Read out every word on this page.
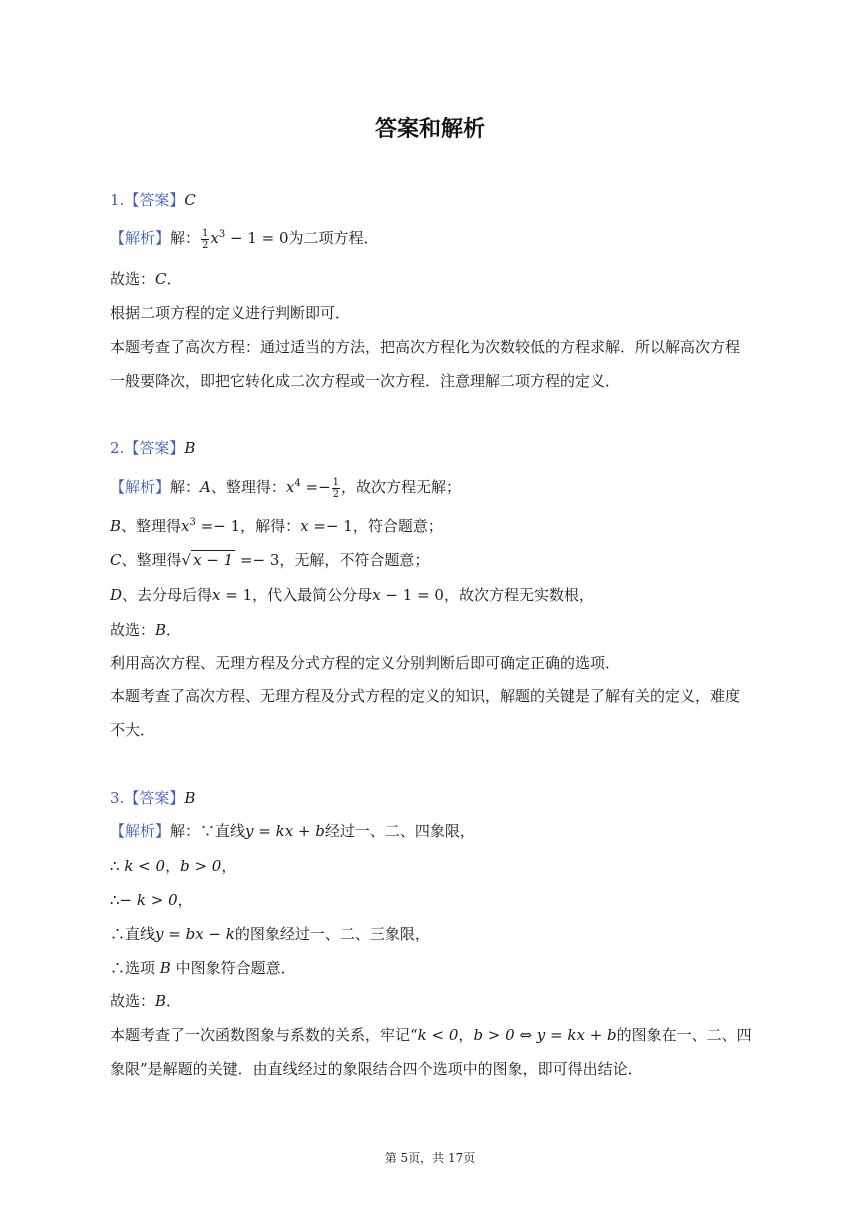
答案和解析
1.【答案】C
【解析】解： $\frac{1}{2} x^3 - 1 = 0$为二项方程．
故选：C．
根据二项方程的定义进行判断即可．
本题考查了高次方程：通过适当的方法，把高次方程化为次数较低的方程求解．所以解高次方程
一般要降次，即把它转化成二次方程或一次方程．注意理解二项方程的定义．
2.【答案】B
【解析】解：A、整理得：$x^4 =- \frac{1}{2}$ ，故次方程无解；
B、整理得$x^3 =- 1$，解得：x =− 1，符合题意；
C、整理得√ x − 1 =− 3，无解，不符合题意；
D、去分母后得x = 1，代入最简公分母x − 1 = 0，故次方程无实数根，
故选：B．
利用高次方程、无理方程及分式方程的定义分别判断后即可确定正确的选项．
本题考查了高次方程、无理方程及分式方程的定义的知识，解题的关键是了解有关的定义，难度
不大．
3.【答案】B
【解析】解：∵直线y = kx + b经过一、二、四象限，
∴ k < 0，b > 0，
∴− k > 0，
∴直线y = bx − k的图象经过一、二、三象限，
∴选项 B 中图象符合题意．
故选：B．
本题考查了一次函数图象与系数的关系，牢记“k < 0，b > 0 ⇔ y = kx + b的图象在一、二、四
象限”是解题的关键．由直线经过的象限结合四个选项中的图象，即可得出结论．
第 5页，共 17页
